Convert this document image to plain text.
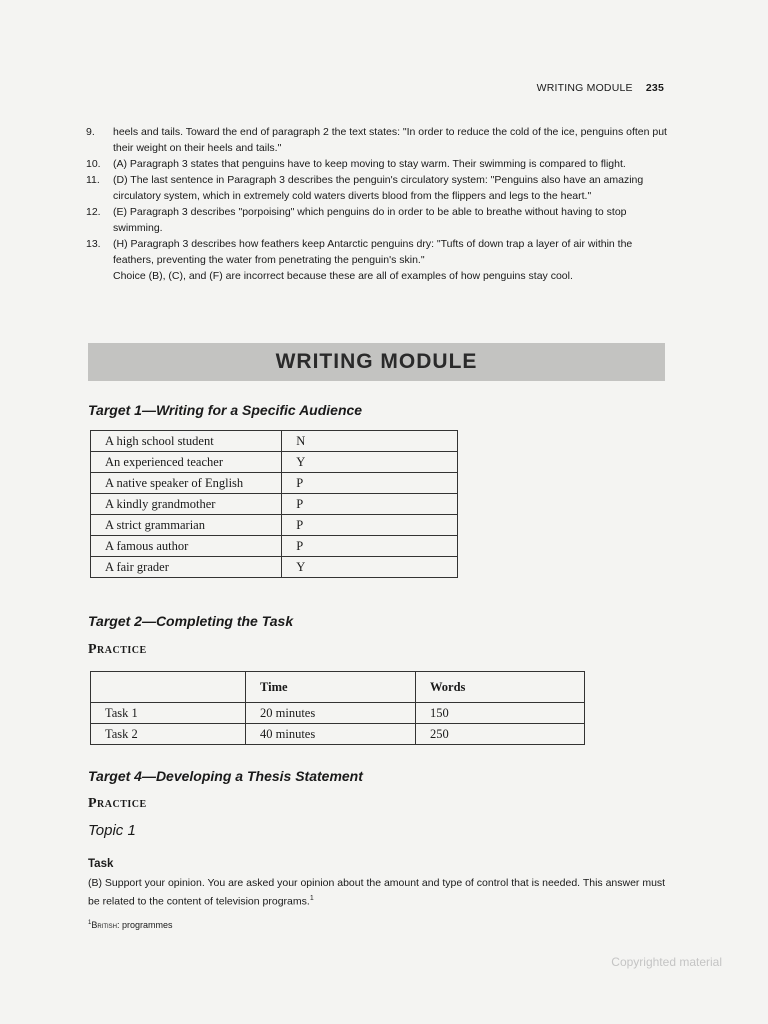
WRITING MODULE 235
9.	heels and tails. Toward the end of paragraph 2 the text states: "In order to reduce the cold of the ice, penguins often put their weight on their heels and tails."
10.	(A) Paragraph 3 states that penguins have to keep moving to stay warm. Their swimming is compared to flight.
11.	(D) The last sentence in Paragraph 3 describes the penguin's circulatory system: "Penguins also have an amazing circulatory system, which in extremely cold waters diverts blood from the flippers and legs to the heart."
12.	(E) Paragraph 3 describes "porpoising" which penguins do in order to be able to breathe without having to stop swimming.
13.	(H) Paragraph 3 describes how feathers keep Antarctic penguins dry: "Tufts of down trap a layer of air within the feathers, preventing the water from penetrating the penguin's skin."
Choice (B), (C), and (F) are incorrect because these are all of examples of how penguins stay cool.
WRITING MODULE
Target 1—Writing for a Specific Audience
A high school student	N
An experienced teacher	Y
A native speaker of English	P
A kindly grandmother	P
A strict grammarian	P
A famous author	P
A fair grader	Y
Target 2—Completing the Task
Practice
	Time	Words
Task 1	20 minutes	150
Task 2	40 minutes	250
Target 4—Developing a Thesis Statement
Practice
Topic 1
Task
(B) Support your opinion. You are asked your opinion about the amount and type of control that is needed. This answer must be related to the content of television programs.$^1$
$^1$British: programmes
Copyrighted material
